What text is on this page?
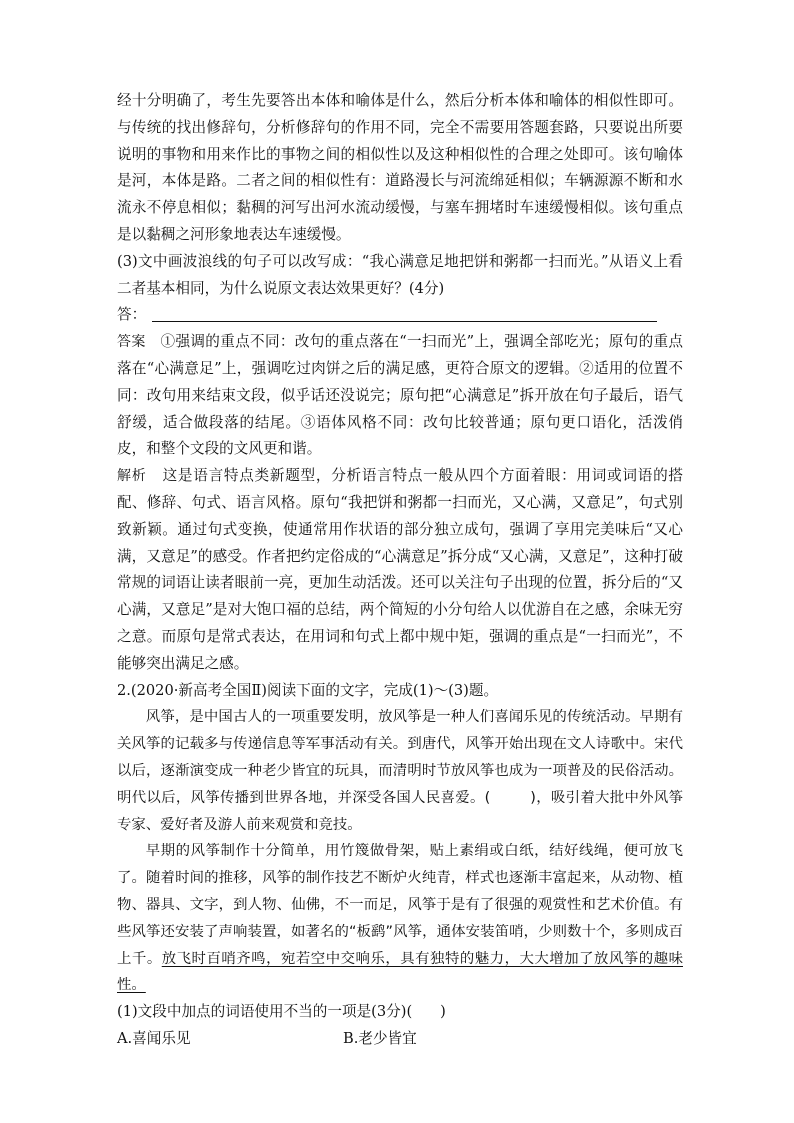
经十分明确了，考生先要答出本体和喻体是什么，然后分析本体和喻体的相似性即可。与传统的找出修辞句，分析修辞句的作用不同，完全不需要用答题套路，只要说出所要说明的事物和用来作比的事物之间的相似性以及这种相似性的合理之处即可。该句喻体是河，本体是路。二者之间的相似性有：道路漫长与河流绵延相似；车辆源源不断和水流永不停息相似；黏稠的河写出河水流动缓慢，与塞车拥堵时车速缓慢相似。该句重点是以黏稠之河形象地表达车速缓慢。

(3)文中画波浪线的句子可以改写成：“我心满意足地把饼和粥都一扫而光。”从语义上看二者基本相同，为什么说原文表达效果更好？(4分)

答：

答案 ①强调的重点不同：改句的重点落在“一扫而光”上，强调全部吃光；原句的重点落在“心满意足”上，强调吃过肉饼之后的满足感，更符合原文的逻辑。②适用的位置不同：改句用来结束文段，似乎话还没说完；原句把“心满意足”拆开放在句子最后，语气舒缓，适合做段落的结尾。③语体风格不同：改句比较普通；原句更口语化，活泼俏皮，和整个文段的文风更和谐。

解析 这是语言特点类新题型，分析语言特点一般从四个方面着眼：用词或词语的搭配、修辞、句式、语言风格。原句“我把饼和粥都一扫而光，又心满，又意足”，句式别致新颖。通过句式变换，使通常用作状语的部分独立成句，强调了享用完美味后“又心满，又意足”的感受。作者把约定俗成的“心满意足”拆分成“又心满，又意足”，这种打破常规的词语让读者眼前一亮，更加生动活泼。还可以关注句子出现的位置，拆分后的“又心满，又意足”是对大饱口福的总结，两个简短的小分句给人以优游自在之感，余味无穷之意。而原句是常式表达，在用词和句式上都中规中矩，强调的重点是“一扫而光”，不能够突出满足之感。

2.(2020·新高考全国Ⅱ)阅读下面的文字，完成(1)～(3)题。

风筝，是中国古人的一项重要发明，放风筝是一种人们喜闻乐见的传统活动。早期有关风筝的记载多与传递信息等军事活动有关。到唐代，风筝开始出现在文人诗歌中。宋代以后，逐渐演变成一种老少皆宜的玩具，而清明时节放风筝也成为一项普及的民俗活动。明代以后，风筝传播到世界各地，并深受各国人民喜爱。(	)，吸引着大批中外风筝专家、爱好者及游人前来观赏和竞技。

早期的风筝制作十分简单，用竹篾做骨架，贴上素绢或白纸，结好线绳，便可放飞了。随着时间的推移，风筝的制作技艺不断炉火纯青，样式也逐渐丰富起来，从动物、植物、器具、文字，到人物、仙佛，不一而足，风筝于是有了很强的观赏性和艺术价值。有些风筝还安装了声响装置，如著名的“板鹞”风筝，通体安装笛哨，少则数十个，多则成百上千。放飞时百哨齐鸣，宛若空中交响乐，具有独特的魅力，大大增加了放风筝的趣味性。

(1)文段中加点的词语使用不当的一项是(3分)( )

A.喜闻乐见	B.老少皆宜
